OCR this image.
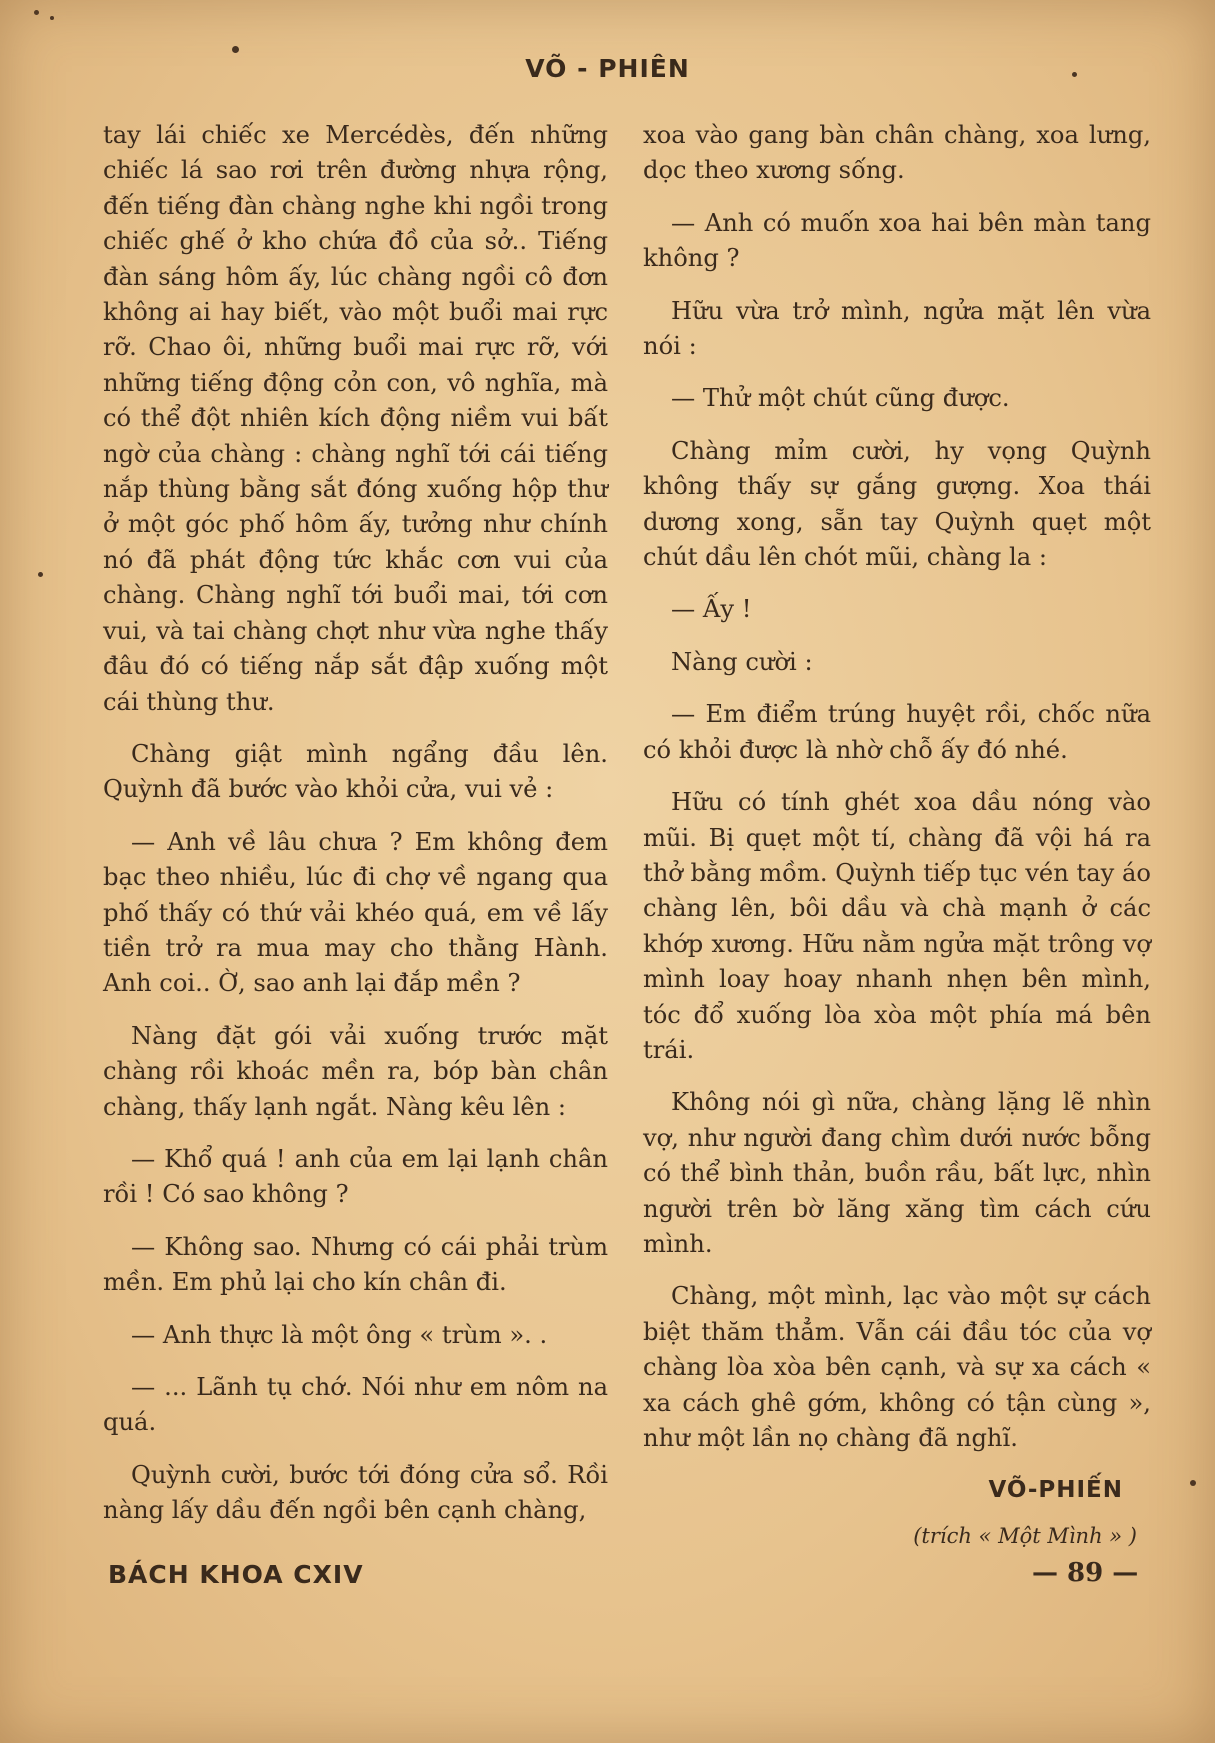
VÕ - PHIÊN

tay lái chiếc xe Mercédès, đến những chiếc lá sao rơi trên đường nhựa rộng, đến tiếng đàn chàng nghe khi ngồi trong chiếc ghế ở kho chứa đồ của sở.. Tiếng đàn sáng hôm ấy, lúc chàng ngồi cô đơn không ai hay biết, vào một buổi mai rực rỡ. Chao ôi, những buổi mai rực rỡ, với những tiếng động cỏn con, vô nghĩa, mà có thể đột nhiên kích động niềm vui bất ngờ của chàng : chàng nghĩ tới cái tiếng nắp thùng bằng sắt đóng xuống hộp thư ở một góc phố hôm ấy, tưởng như chính nó đã phát động tức khắc cơn vui của chàng. Chàng nghĩ tới buổi mai, tới cơn vui, và tai chàng chợt như vừa nghe thấy đâu đó có tiếng nắp sắt đập xuống một cái thùng thư.

Chàng giật mình ngẩng đầu lên. Quỳnh đã bước vào khỏi cửa, vui vẻ :

— Anh về lâu chưa ? Em không đem bạc theo nhiều, lúc đi chợ về ngang qua phố thấy có thứ vải khéo quá, em về lấy tiền trở ra mua may cho thằng Hành. Anh coi.. Ờ, sao anh lại đắp mền ?

Nàng đặt gói vải xuống trước mặt chàng rồi khoác mền ra, bóp bàn chân chàng, thấy lạnh ngắt. Nàng kêu lên :

— Khổ quá ! anh của em lại lạnh chân rồi ! Có sao không ?

— Không sao. Nhưng có cái phải trùm mền. Em phủ lại cho kín chân đi.

— Anh thực là một ông « trùm ». .

— ... Lãnh tụ chớ. Nói như em nôm na quá.

Quỳnh cười, bước tới đóng cửa sổ. Rồi nàng lấy dầu đến ngồi bên cạnh chàng,

xoa vào gang bàn chân chàng, xoa lưng, dọc theo xương sống.

— Anh có muốn xoa hai bên màn tang không ?

Hữu vừa trở mình, ngửa mặt lên vừa nói :

— Thử một chút cũng được.

Chàng mỉm cười, hy vọng Quỳnh không thấy sự gắng gượng. Xoa thái dương xong, sẵn tay Quỳnh quẹt một chút dầu lên chót mũi, chàng la :

— Ấy !

Nàng cười :

— Em điểm trúng huyệt rồi, chốc nữa có khỏi được là nhờ chỗ ấy đó nhé.

Hữu có tính ghét xoa dầu nóng vào mũi. Bị quẹt một tí, chàng đã vội há ra thở bằng mồm. Quỳnh tiếp tục vén tay áo chàng lên, bôi dầu và chà mạnh ở các khớp xương. Hữu nằm ngửa mặt trông vợ mình loay hoay nhanh nhẹn bên mình, tóc đổ xuống lòa xòa một phía má bên trái.

Không nói gì nữa, chàng lặng lẽ nhìn vợ, như người đang chìm dưới nước bỗng có thể bình thản, buồn rầu, bất lực, nhìn người trên bờ lăng xăng tìm cách cứu mình.

Chàng, một mình, lạc vào một sự cách biệt thăm thẳm. Vẫn cái đầu tóc của vợ chàng lòa xòa bên cạnh, và sự xa cách « xa cách ghê gớm, không có tận cùng », như một lần nọ chàng đã nghĩ.

VÕ-PHIẾN
(trích « Một Mình » )
BÁCH KHOA CXIV	— 89 —
